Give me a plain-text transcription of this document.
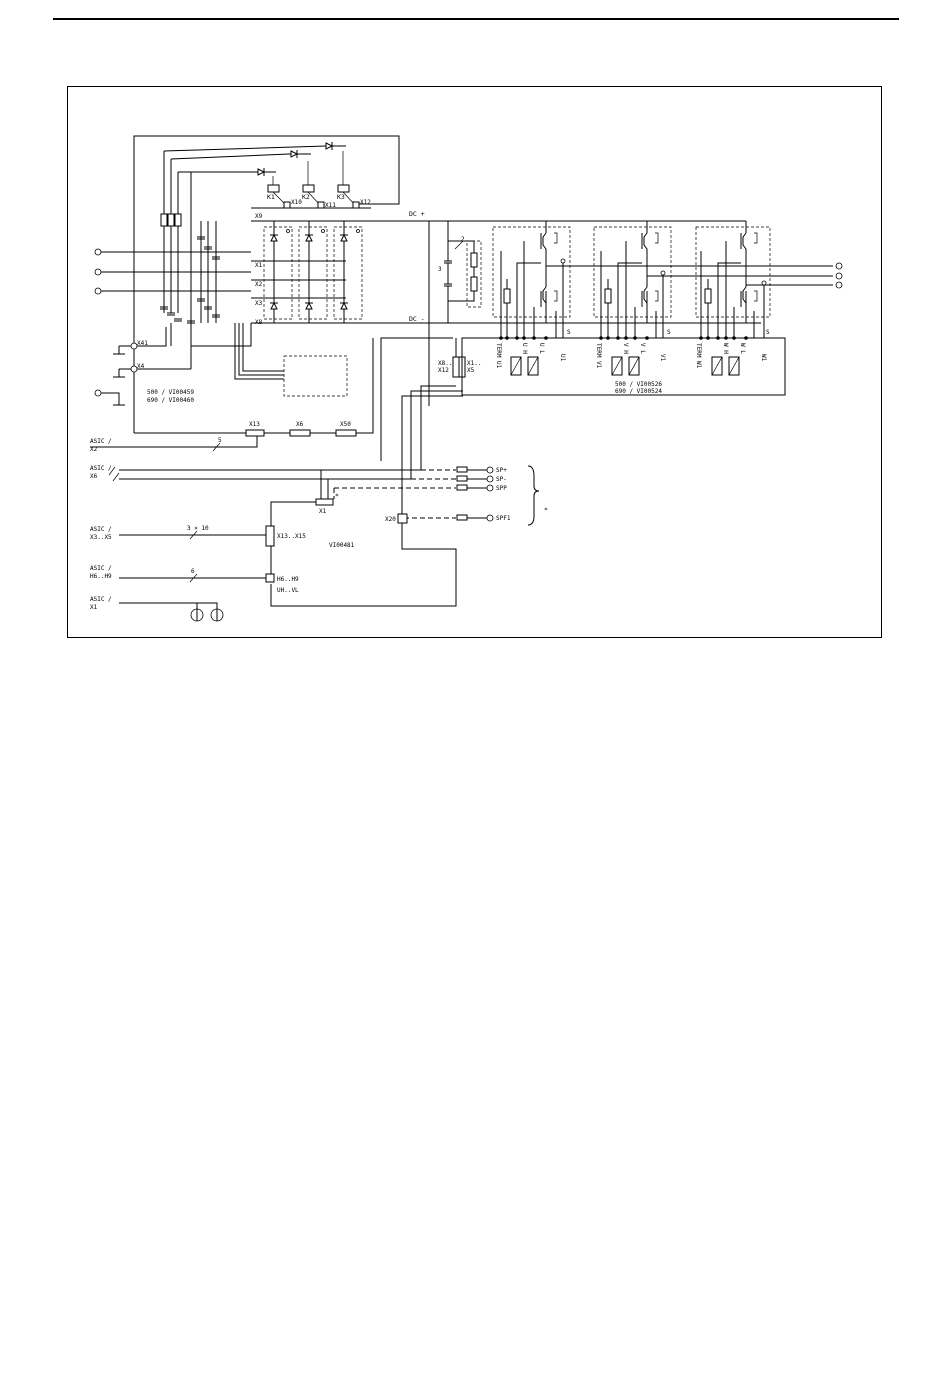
K1	K2	K3
X10	X11	X12
DC +
X9
DC -
X8
X1
X2
X3
X41
X4
500 / VI00459
690 / VI00460
X13	X6	X50
ASIC /
X2
5
ASIC /
X6
SP+
SP-
SPP
SPF1
*
X1
*
X20
ASIC /
X3..X5
3 × 10
X13..X15
VI00481
ASIC /
H6..H9
6
H6..H9
UH..VL
ASIC /
X1
3
2
X8..
X12
X1..
X5
500 / VI00526
690 / VI00524
TERM U1	U H U L
U1	TERM V1	V H V L
V1	TERM W1	W H W L
W1
S	S	S
